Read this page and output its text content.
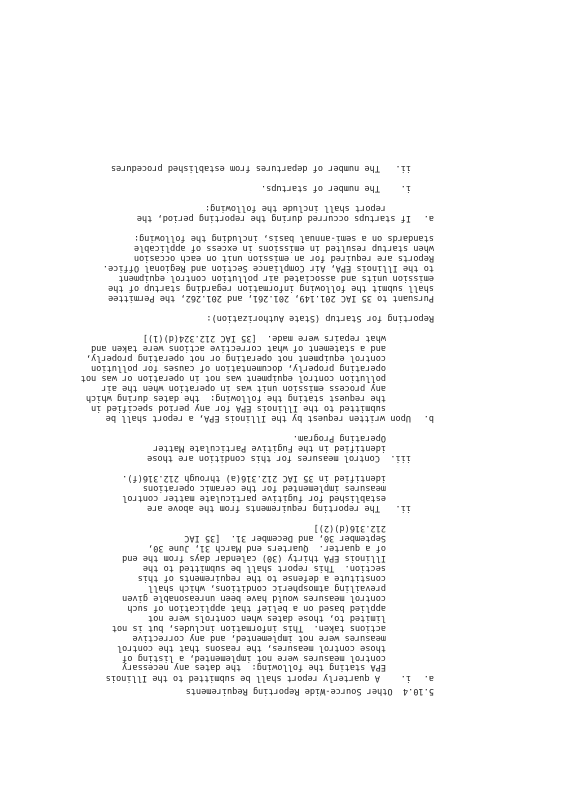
5.10.4  Other Source-Wide Reporting Requirements
a.
i.    A quarterly report shall be submitted to the Illinois
EPA stating the following:  the dates any necessary
control measures were not implemented, a listing of
those control measures, the reasons that the control
measures were not implemented, and any corrective
actions taken.  This information includes, but is not
limited to, those dates when controls were not
applied based on a belief that application of such
control measures would have been unreasonable given
prevailing atmospheric conditions, which shall
constitute a defense to the requirements of this
section.  This report shall be submitted to the
Illinois EPA thirty (30) calendar days from the end
of a quarter.  Quarters end March 31, June 30,
September 30, and December 31.  [35 IAC
212.316(d)(2)]
ii.   The reporting requirements from the above are
established for fugitive particulate matter control
measures implemented for the ceramic operations
identified in 35 IAC 212.316(a) through 212.316(f).
iii.  Control measures for this condition are those
identified in the Fugitive Particulate Matter
Operating Program.
b.
Upon written request by the Illinois EPA, a report shall be
submitted to the Illinois EPA for any period specified in
the request stating the following:  the dates during which
any process emission unit was in operation when the air
pollution control equipment was not in operation or was not
operating properly, documentation of causes for pollution
control equipment not operating or not operating properly,
and a statement of what corrective actions were taken and
what repairs were made.  [35 IAC 212.324(d)(1)]
Reporting for Startup (State Authorization):
Pursuant to 35 IAC 201.149, 201.261, and 201.262, the Permittee
shall submit the following information regarding startup of the
emission units and associated air pollution control equipment
to the Illinois EPA, Air Compliance Section and Regional Office.
Reports are required for an emission unit on each occasion
when startup resulted in emissions in excess of applicable
standards on a semi-annual basis, including the following:
a.
If startups occurred during the reporting period, the
report shall include the following:
i.    The number of startups.
ii.   The number of departures from established procedures
